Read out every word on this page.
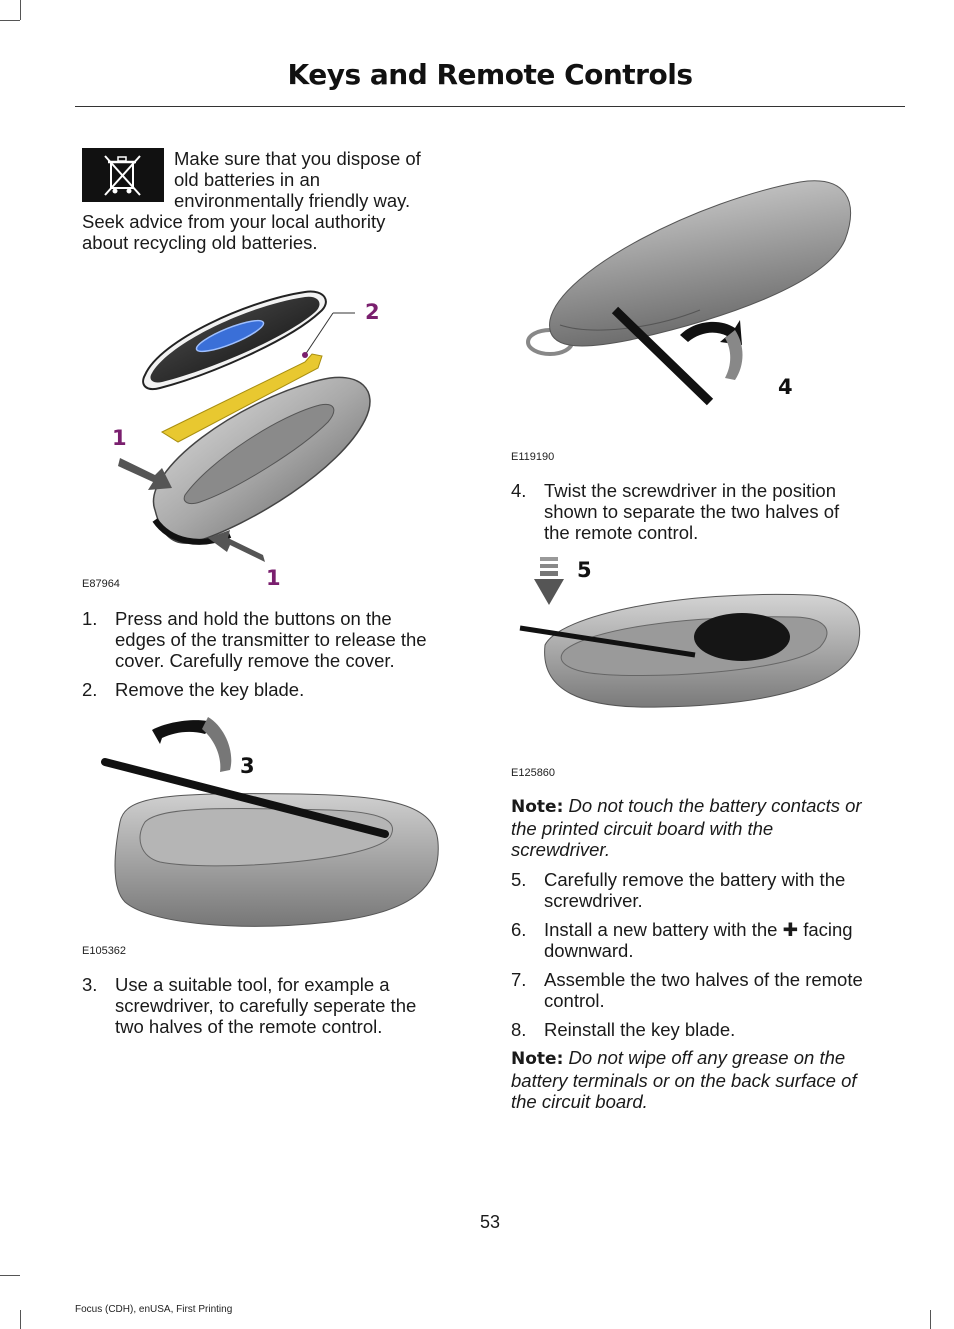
Keys and Remote Controls
Make sure that you dispose of
old batteries in an
environmentally friendly way.
Seek advice from your local authority
about recycling old batteries.
1
1
2
E87964
1. Press and hold the buttons on the
edges of the transmitter to release the
cover. Carefully remove the cover.
2. Remove the key blade.
3
E105362
3. Use a suitable tool, for example a
screwdriver, to carefully seperate the
two halves of the remote control.
4
E119190
4. Twist the screwdriver in the position
shown to separate the two halves of
the remote control.
5
E125860
Note: Do not touch the battery contacts or
the printed circuit board with the
screwdriver.
5. Carefully remove the battery with the
screwdriver.
6. Install a new battery with the ✚ facing
downward.
7. Assemble the two halves of the remote
control.
8. Reinstall the key blade.
Note: Do not wipe off any grease on the
battery terminals or on the back surface of
the circuit board.
53
Focus (CDH), enUSA, First Printing
